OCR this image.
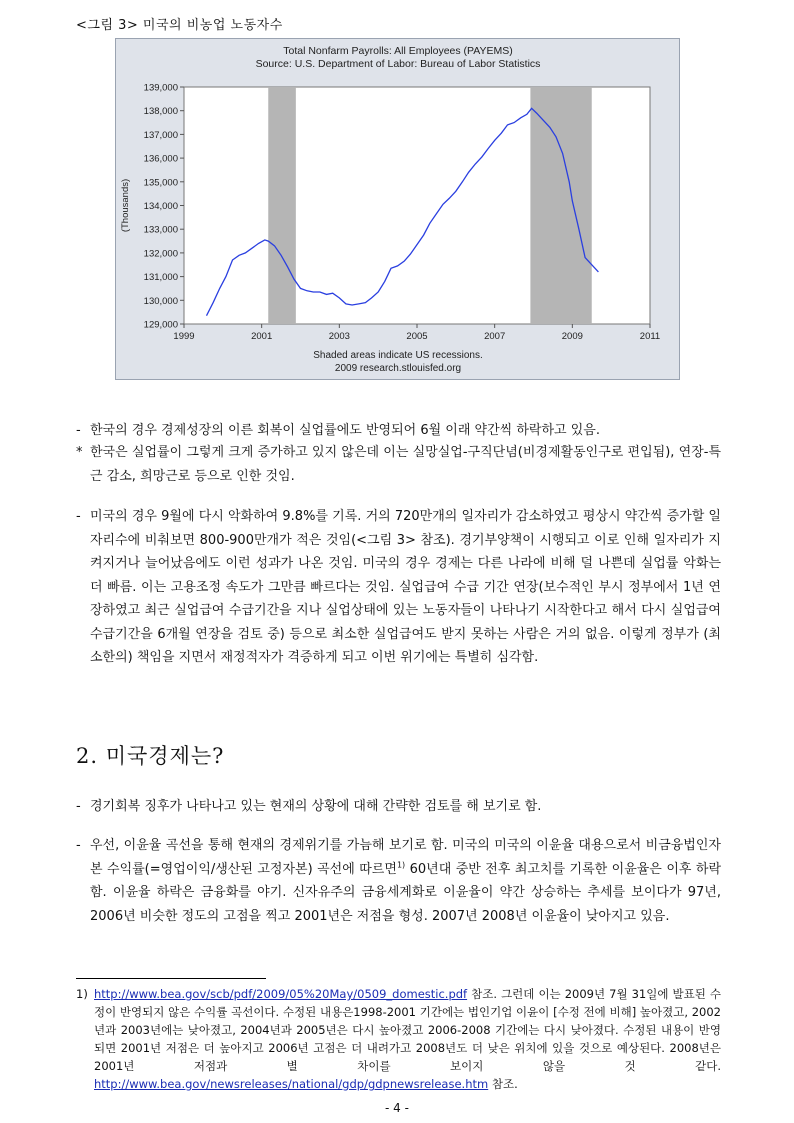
<그림 3> 미국의 비농업 노동자수
Total Nonfarm Payrolls: All Employees (PAYEMS)
Source: U.S. Department of Labor: Bureau of Labor Statistics
129,000
130,000
131,000
132,000
133,000
134,000
135,000
136,000
137,000
138,000
139,000
1999	2001	2003	2005	2007	2009	2011
(Thousands)
Shaded areas indicate US recessions.
2009 research.stlouisfed.org
- 한국의 경우 경제성장의 이른 회복이 실업률에도 반영되어 6월 이래 약간씩 하락하고 있음.
* 한국은 실업률이 그렇게 크게 증가하고 있지 않은데 이는 실망실업-구직단념(비경제활동인구로 편입됨), 연장-특근 감소, 희망근로 등으로 인한 것임.
- 미국의 경우 9월에 다시 악화하여 9.8%를 기록. 거의 720만개의 일자리가 감소하였고 평상시 약간씩 증가할 일자리수에 비춰보면 800-900만개가 적은 것임(<그림 3> 참조). 경기부양책이 시행되고 이로 인해 일자리가 지켜지거나 늘어났음에도 이런 성과가 나온 것임. 미국의 경우 경제는 다른 나라에 비해 덜 나쁜데 실업률 악화는 더 빠름. 이는 고용조정 속도가 그만큼 빠르다는 것임. 실업급여 수급 기간 연장(보수적인 부시 정부에서 1년 연장하였고 최근 실업급여 수급기간을 지나 실업상태에 있는 노동자들이 나타나기 시작한다고 해서 다시 실업급여 수급기간을 6개월 연장을 검토 중) 등으로 최소한 실업급여도 받지 못하는 사람은 거의 없음. 이렇게 정부가 (최소한의) 책임을 지면서 재정적자가 격증하게 되고 이번 위기에는 특별히 심각함.
2. 미국경제는?
- 경기회복 징후가 나타나고 있는 현재의 상황에 대해 간략한 검토를 해 보기로 함.
- 우선, 이윤율 곡선을 통해 현재의 경제위기를 가늠해 보기로 함. 미국의 미국의 이윤율 대용으로서 비금융법인자본 수익률(=영업이익/생산된 고정자본) 곡선에 따르면$^{1)}$ 60년대 중반 전후 최고치를 기록한 이윤율은 이후 하락함. 이윤율 하락은 금융화를 야기. 신자유주의 금융세계화로 이윤율이 약간 상승하는 추세를 보이다가 97년, 2006년 비슷한 정도의 고점을 찍고 2001년은 저점을 형성. 2007년 2008년 이윤율이 낮아지고 있음.
1) http://www.bea.gov/scb/pdf/2009/05%20May/0509_domestic.pdf 참조. 그런데 이는 2009년 7월 31일에 발표된 수정이 반영되지 않은 수익률 곡선이다. 수정된 내용은1998-2001 기간에는 법인기업 이윤이 [수정 전에 비해] 높아졌고, 2002년과 2003년에는 낮아졌고, 2004년과 2005년은 다시 높아졌고 2006-2008 기간에는 다시 낮아졌다. 수정된 내용이 반영되면 2001년 저점은 더 높아지고 2006년 고점은 더 내려가고 2008년도 더 낮은 위치에 있을 것으로 예상된다. 2008년은 2001년 저점과 별 차이를 보이지 않을 것 같다. http://www.bea.gov/newsreleases/national/gdp/gdpnewsrelease.htm 참조.
- 4 -
